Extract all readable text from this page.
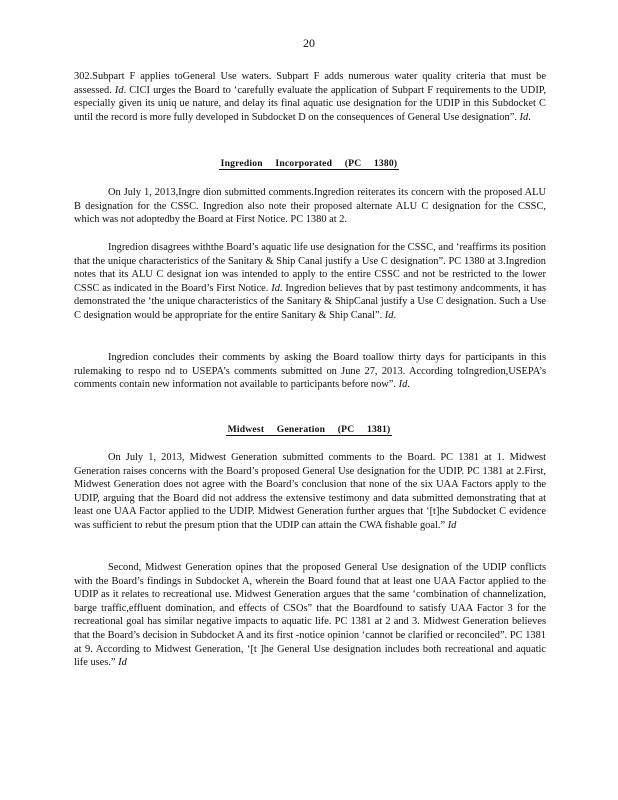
20

302.Subpart F applies toGeneral Use waters. Subpart F adds numerous water quality criteria that must be assessed. Id. CICI urges the Board to ‘carefully evaluate the application of Subpart F requirements to the UDIP, especially given its uniq ue nature, and delay its final aquatic use designation for the UDIP in this Subdocket C until the record is more fully developed in Subdocket D on the consequences of General Use designation”. Id.

Ingredion Incorporated (PC 1380)

On July 1, 2013,Ingre dion submitted comments.Ingredion reiterates its concern with the proposed ALU B designation for the CSSC. Ingredion also note their proposed alternate ALU C designation for the CSSC, which was not adoptedby the Board at First Notice. PC 1380 at 2.

Ingredion disagrees withthe Board’s aquatic life use designation for the CSSC, and ‘reaffirms its position that the unique characteristics of the Sanitary & Ship Canal justify a Use C designation”. PC 1380 at 3.Ingredion notes that its ALU C designat ion was intended to apply to the entire CSSC and not be restricted to the lower CSSC as indicated in the Board’s First Notice. Id. Ingredion believes that by past testimony andcomments, it has demonstrated the ‘the unique characteristics of the Sanitary & ShipCanal justify a Use C designation. Such a Use C designation would be appropriate for the entire Sanitary & Ship Canal”. Id.

Ingredion concludes their comments by asking the Board toallow thirty days for participants in this rulemaking to respo nd to USEPA’s comments submitted on June 27, 2013. According toIngredion,USEPA’s comments contain new information not available to participants before now”. Id.

Midwest Generation (PC 1381)

On July 1, 2013, Midwest Generation submitted comments to the Board. PC 1381 at 1. Midwest Generation raises concerns with the Board’s proposed General Use designation for the UDIP. PC 1381 at 2.First, Midwest Generation does not agree with the Board’s conclusion that none of the six UAA Factors apply to the UDIP, arguing that the Board did not address the extensive testimony and data submitted demonstrating that at least one UAA Factor applied to the UDIP. Midwest Generation further argues that ‘[t]he Subdocket C evidence was sufficient to rebut the presum ption that the UDIP can attain the CWA fishable goal.” Id

Second, Midwest Generation opines that the proposed General Use designation of the UDIP conflicts with the Board’s findings in Subdocket A, wherein the Board found that at least one UAA Factor applied to the UDIP as it relates to recreational use. Midwest Generation argues that the same ‘combination of channelization, barge traffic,effluent domination, and effects of CSOs” that the Boardfound to satisfy UAA Factor 3 for the recreational goal has similar negative impacts to aquatic life. PC 1381 at 2 and 3. Midwest Generation believes that the Board’s decision in Subdocket A and its first -notice opinion ‘cannot be clarified or reconciled”. PC 1381 at 9. According to Midwest Generation, ‘[t ]he General Use designation includes both recreational and aquatic life uses.” Id
